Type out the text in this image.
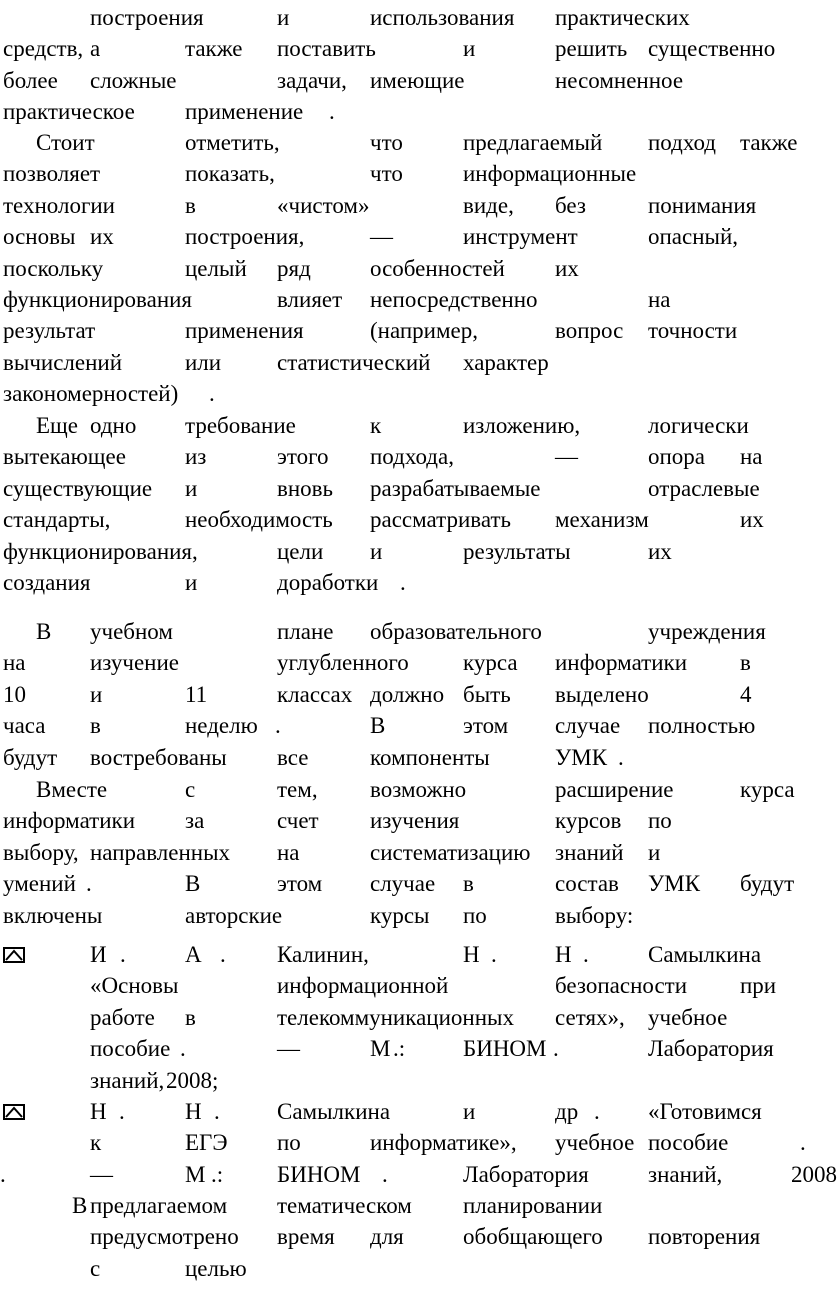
построения	и	использования практических
средств, а	также поставить	и	решить существенно
более сложные	задачи, имеющие	несомненное
практическое применение .
Стоит	отметить,	что	предлагаемый подход также
позволяет	показать,	что	информационные
технологии	в	«чистом»	виде, без	понимания
основы их	построения,	—	инструмент	опасный,
поскольку	целый ряд	особенностей их
функционирования	влияет непосредственно	на
результат	применения	(например,	вопрос точности
вычислений	или статистический характер
закономерностей) .
Еще одно требование	к	изложению,	логически
вытекающее	из	этого подхода,	—	опора на
существующие и	вновь разрабатываемые	отраслевые
стандарты,	необходимость рассматривать механизм	их
функционирования,	цели и	результаты	их
создания	и	доработки .
В учебном	плане образовательного	учреждения
на	изучение	углубленного курса информатики в
10	и	11	классах должно быть выделено	4
часа в	неделю .	В	этом случае полностью
будут востребованы все	компоненты	УМК .
Вместе	с	тем, возможно	расширение	курса
информатики за	счет изучения	курсов по
выбору, направленных на	систематизацию знаний и
умений .	В	этом случае в	состав УМК будут
включены	авторские	курсы по	выбору:
И .	А . Калинин,	Н .	Н .	Самылкина
«Основы	информационной	безопасности при
работе в	телекоммуникационных сетях», учебное
пособие .	—	М .:	БИНОМ .	Лаборатория
знаний, 2008;
Н .	Н . Самылкина	и	др . «Готовимся
к	ЕГЭ по	информатике», учебное пособие	.
—	М .: БИНОМ .	Лаборатория	знаний,	2008
.
В предлагаемом тематическом планировании
предусмотрено время для	обобщающего повторения
с	целью
